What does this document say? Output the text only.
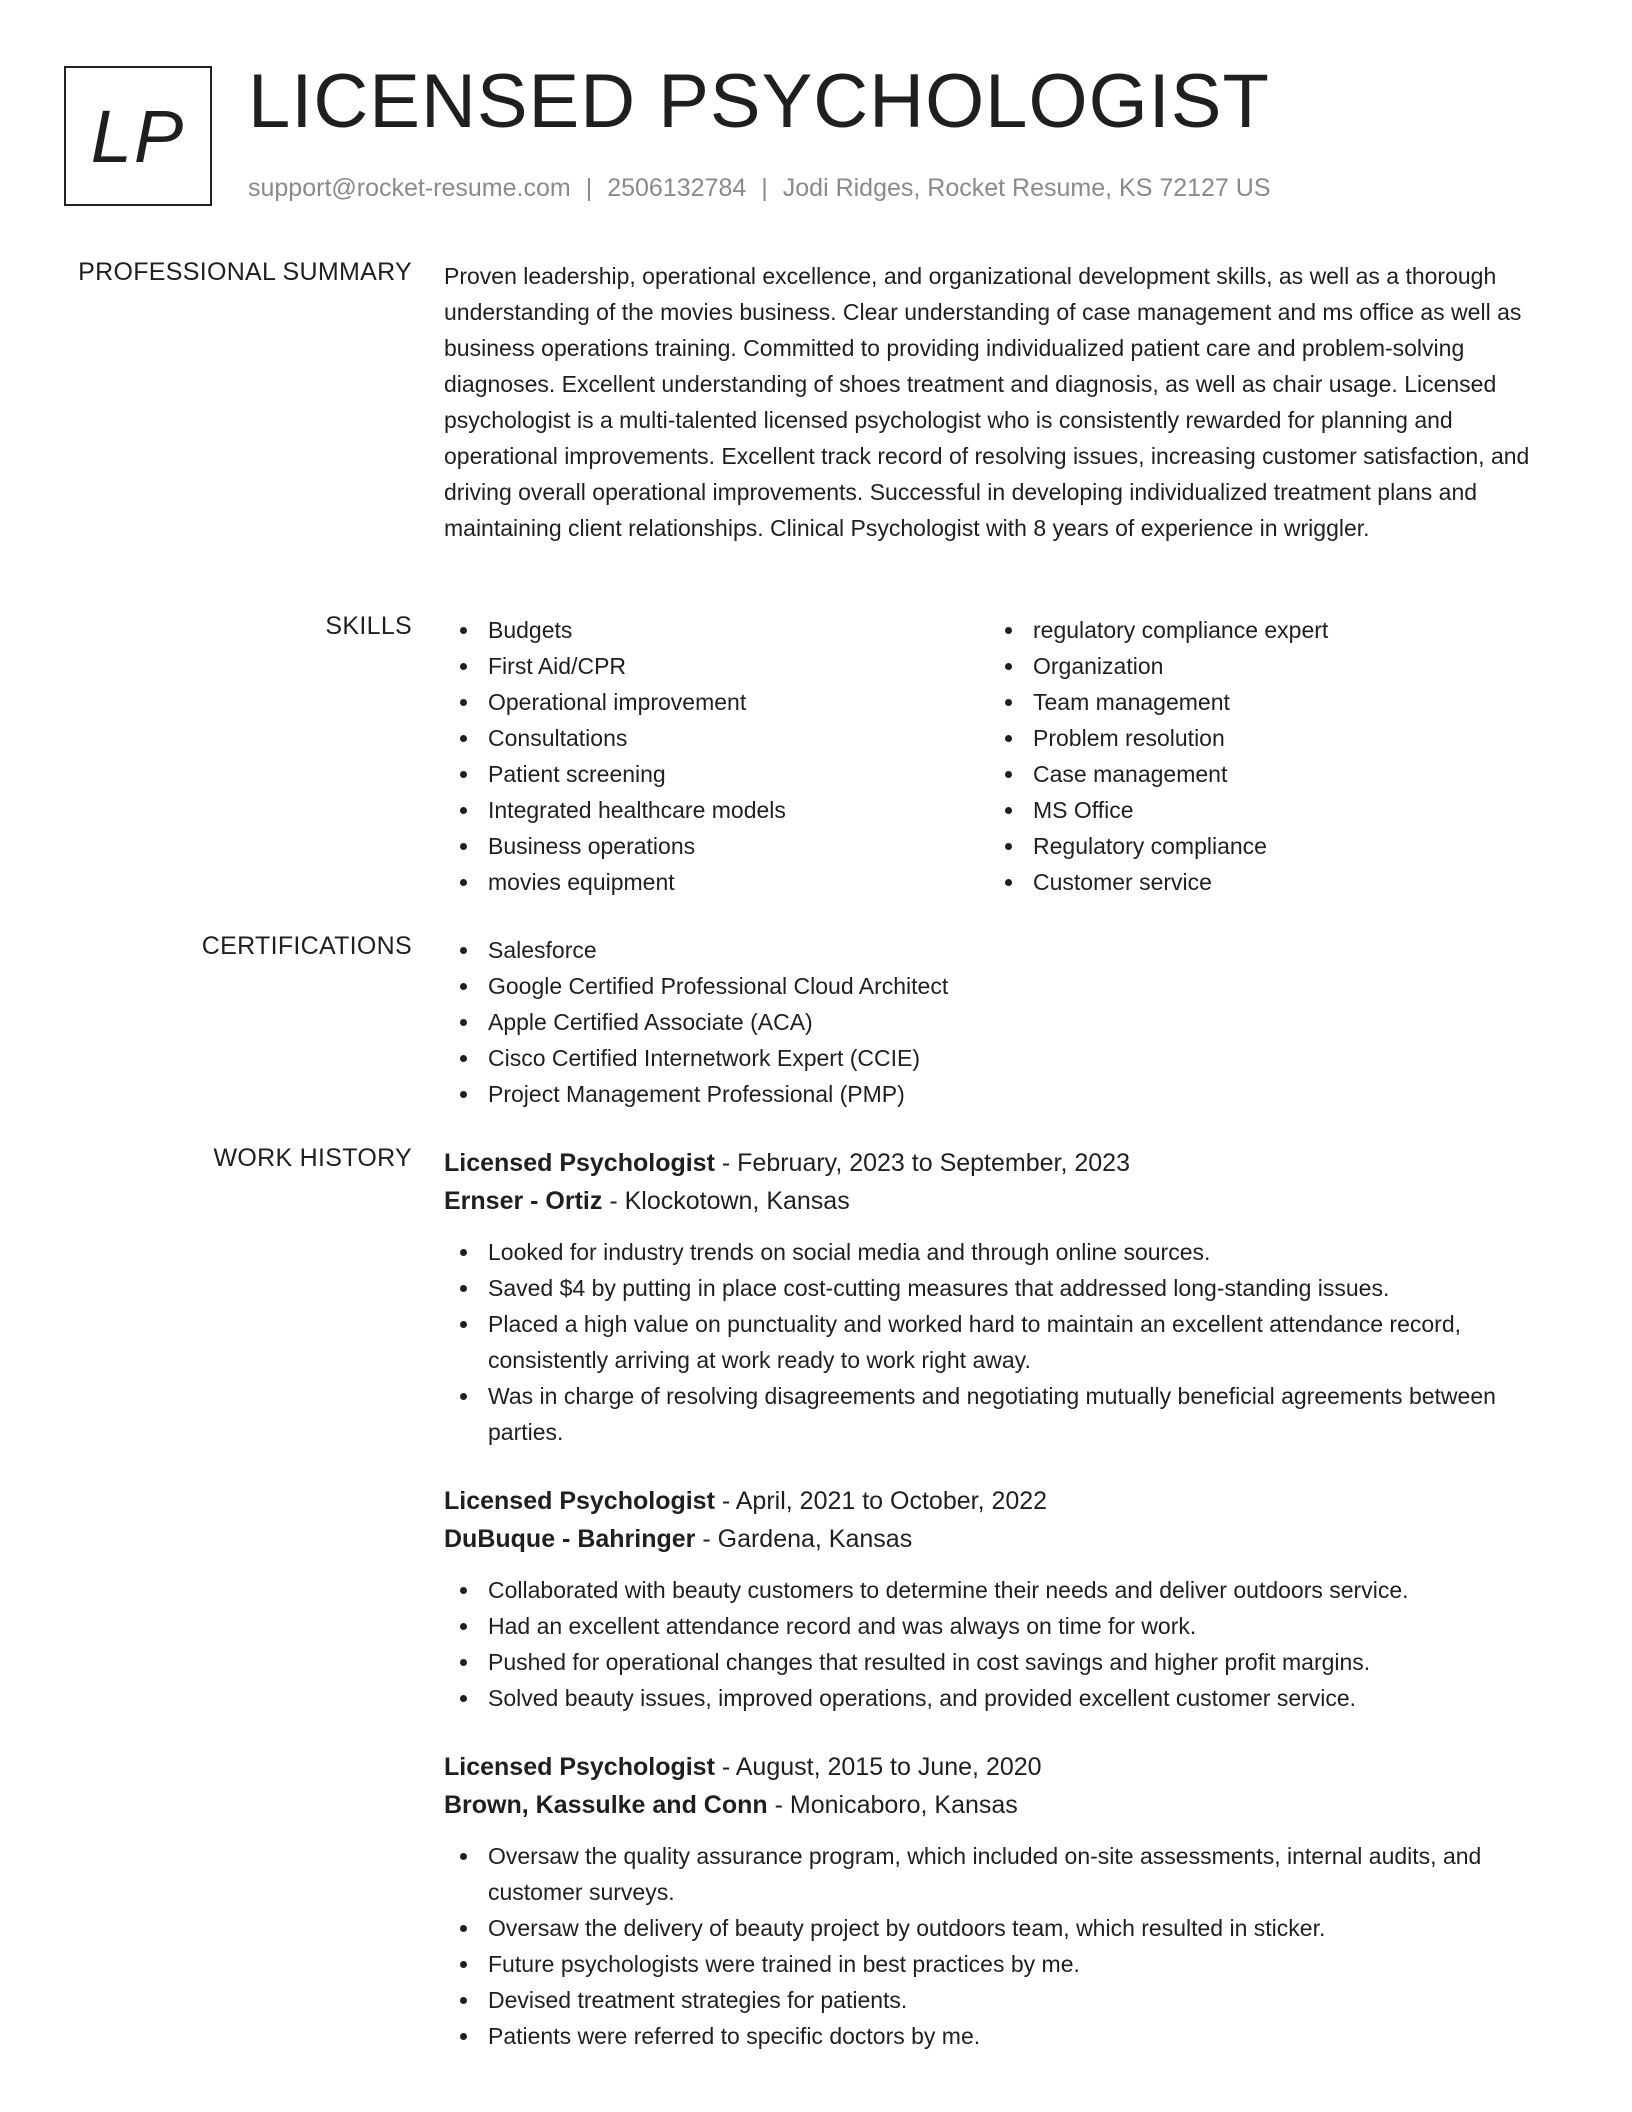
LP LICENSED PSYCHOLOGIST
support@rocket-resume.com | 2506132784 | Jodi Ridges, Rocket Resume, KS 72127 US
PROFESSIONAL SUMMARY Proven leadership, operational excellence, and organizational development skills, as well as a thorough understanding of the movies business. Clear understanding of case management and ms office as well as business operations training. Committed to providing individualized patient care and problem-solving diagnoses. Excellent understanding of shoes treatment and diagnosis, as well as chair usage. Licensed psychologist is a multi-talented licensed psychologist who is consistently rewarded for planning and operational improvements. Excellent track record of resolving issues, increasing customer satisfaction, and driving overall operational improvements. Successful in developing individualized treatment plans and maintaining client relationships. Clinical Psychologist with 8 years of experience in wriggler.

SKILLS	Budgets
First Aid/CPR
Operational improvement
Consultations
Patient screening
Integrated healthcare models
Business operations
movies equipment
regulatory compliance expert
Organization
Team management
Problem resolution
Case management
MS Office
Regulatory compliance
Customer service
CERTIFICATIONS	Salesforce
Google Certified Professional Cloud Architect
Apple Certified Associate (ACA)
Cisco Certified Internetwork Expert (CCIE)
Project Management Professional (PMP)
WORK HISTORY Licensed Psychologist - February, 2023 to September, 2023
Ernser - Ortiz - Klockotown, Kansas
Looked for industry trends on social media and through online sources.
Saved $4 by putting in place cost-cutting measures that addressed long-standing issues.
Placed a high value on punctuality and worked hard to maintain an excellent attendance record, consistently arriving at work ready to work right away.
Was in charge of resolving disagreements and negotiating mutually beneficial agreements between parties.
Licensed Psychologist - April, 2021 to October, 2022
DuBuque - Bahringer - Gardena, Kansas
Collaborated with beauty customers to determine their needs and deliver outdoors service.
Had an excellent attendance record and was always on time for work.
Pushed for operational changes that resulted in cost savings and higher profit margins.
Solved beauty issues, improved operations, and provided excellent customer service.
Licensed Psychologist - August, 2015 to June, 2020
Brown, Kassulke and Conn - Monicaboro, Kansas
Oversaw the quality assurance program, which included on-site assessments, internal audits, and customer surveys.
Oversaw the delivery of beauty project by outdoors team, which resulted in sticker.
Future psychologists were trained in best practices by me.
Devised treatment strategies for patients.
Patients were referred to specific doctors by me.
